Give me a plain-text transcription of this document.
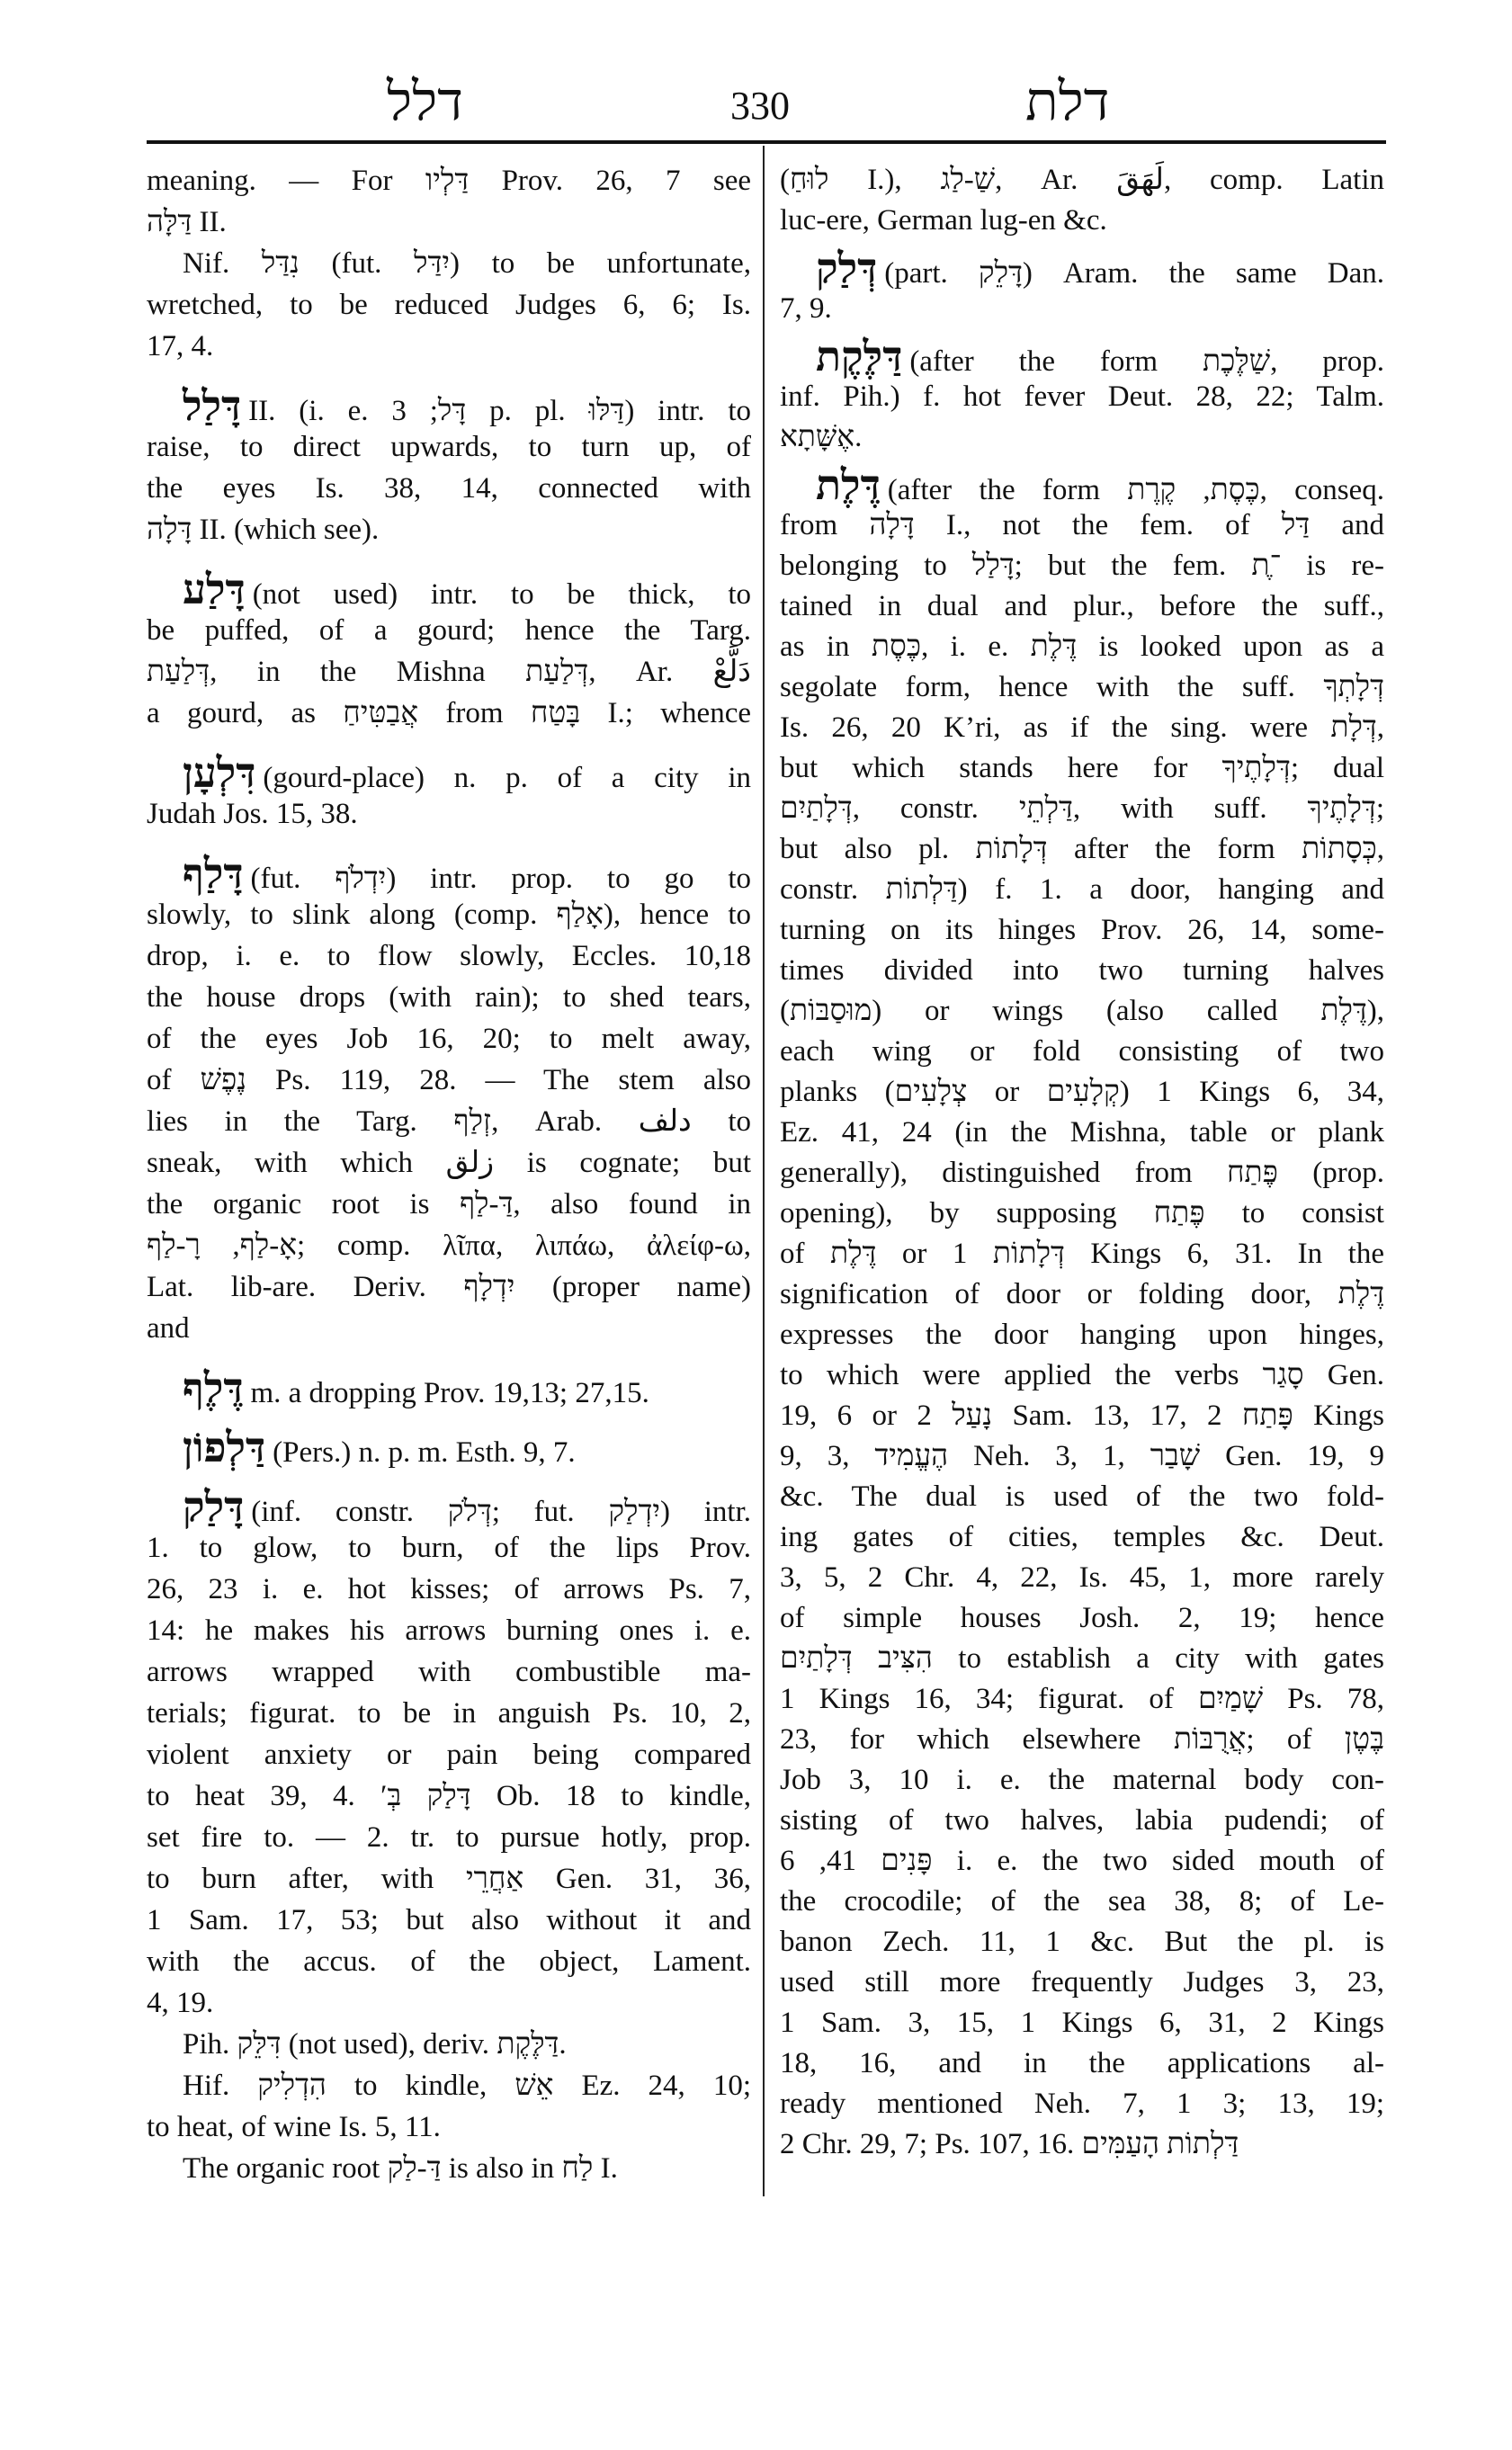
דלל	330	דלת
meaning. — For דַּלְיו Prov. 26, 7 see
דַּלָּה II.
Nif. נִדַּל (fut. יִדַּל) to be unfortunate,
wretched, to be reduced Judges 6, 6; Is.
17, 4.
דָּלַל II. (i. e. דָּל; 3 p. pl. דַּלּוּ) intr. to
raise, to direct upwards, to turn up, of
the eyes Is. 38, 14, connected with
דָּלָה II. (which see).
דָּלַע (not used) intr. to be thick, to
be puffed, of a gourd; hence the Targ.
דְּלַעַת, in the Mishna דְּלַעַת, Ar. دَلَّعْ
a gourd, as אֲבַטִּיחַ from בָּטַח I.; whence
דִּלְעָן (gourd-place) n. p. of a city in
Judah Jos. 15, 38.
דָּלַף (fut. יִדְלֹף) intr. prop. to go to
slowly, to slink along (comp. אָלַף), hence to
drop, i. e. to flow slowly, Eccles. 10,18
the house drops (with rain); to shed tears,
of the eyes Job 16, 20; to melt away,
of נֶפֶשׁ Ps. 119, 28. — The stem also
lies in the Targ. זְלַף, Arab. دلف to
sneak, with which زلق is cognate; but
the organic root is דַּ-לַף, also found in
אָ-לַף, רָ-לַף; comp. λῖπα, λιπάω, ἀλείφ-ω,
Lat. lib-are. Deriv. יִדְלָף (proper name)
and
דֶּלֶף m. a dropping Prov. 19,13; 27,15.
דַּלְפוֹן (Pers.) n. p. m. Esth. 9, 7.
דָּלַק (inf. constr. דְּלֹק; fut. יִדְלַק) intr.
1. to glow, to burn, of the lips Prov.
26, 23 i. e. hot kisses; of arrows Ps. 7,
14: he makes his arrows burning ones i. e.
arrows wrapped with combustible ma-
terials; figurat. to be in anguish Ps. 10, 2,
violent anxiety or pain being compared
to heat 39, 4. ′דָּלַק בְּ Ob. 18 to kindle,
set fire to. — 2. tr. to pursue hotly, prop.
to burn after, with אַחֲרֵי Gen. 31, 36,
1 Sam. 17, 53; but also without it and
with the accus. of the object, Lament.
4, 19.
Pih. דִּלֵּק (not used), deriv. דַּלֶּקֶת.
Hif. הִדְלִיק to kindle, אֵשׁ Ez. 24, 10;
to heat, of wine Is. 5, 11.
The organic root דַּ-לַק is also in לַח I.
(לוּחַ I.), שַׁ-לַג, Ar. لَهَقَ, comp. Latin
luc-ere, German lug-en &c.
דְּלַק (part. דָּלֵק) Aram. the same Dan.
7, 9.
דַּלֶּקֶת (after the form שַׁלֶּכֶת, prop.
inf. Pih.) f. hot fever Deut. 28, 22; Talm.
אֶשָּׁתָא.
דֶּלֶת (after the form כֶּסֶת, קֶרֶת, conseq.
from דָּלָה I., not the fem. of דַּל and
belonging to דָּלַל; but the fem. ־ֶת is re-
tained in dual and plur., before the suff.,
as in כֶּסֶת, i. e. דֶּלֶת is looked upon as a
segolate form, hence with the suff. דְּלָתְךָ
Is. 26, 20 K’ri, as if the sing. were דְּלָת,
but which stands here for דְּלָתֶיךָ; dual
דְּלָתַיִם, constr. דַּלְתֵי, with suff. דְּלָתֶיךָ;
but also pl. דְּלָתוֹת after the form כְּסָתוֹת,
constr. דַּלְתוֹת) f. 1. a door, hanging and
turning on its hinges Prov. 26, 14, some-
times divided into two turning halves
(מוּסַבּוֹת) or wings (also called דֶּלֶת),
each wing or fold consisting of two
planks (צְלָעִים or קְלָעִים) 1 Kings 6, 34,
Ez. 41, 24 (in the Mishna, table or plank
generally), distinguished from פֶּתַח (prop.
opening), by supposing פֶּתַח to consist
of דֶּלֶת or דְּלָתוֹת 1 Kings 6, 31. In the
signification of door or folding door, דֶּלֶת
expresses the door hanging upon hinges,
to which were applied the verbs סָגַר Gen.
19, 6 or נָעַל 2 Sam. 13, 17, פָּתַח 2 Kings
9, 3, הֶעֱמִיד Neh. 3, 1, שָׁבַר Gen. 19, 9
&c. The dual is used of the two fold-
ing gates of cities, temples &c. Deut.
3, 5, 2 Chr. 4, 22, Is. 45, 1, more rarely
of simple houses Josh. 2, 19; hence
הִצִּיב דְּלָתַיִם to establish a city with gates
1 Kings 16, 34; figurat. of שָׁמַיִם Ps. 78,
23, for which elsewhere אֲרֻבּוֹת; of בֶּטֶן
Job 3, 10 i. e. the maternal body con-
sisting of two halves, labia pudendi; of
פָּנִים 41, 6 i. e. the two sided mouth of
the crocodile; of the sea 38, 8; of Le-
banon Zech. 11, 1 &c. But the pl. is
used still more frequently Judges 3, 23,
1 Sam. 3, 15, 1 Kings 6, 31, 2 Kings
18, 16, and in the applications al-
ready mentioned Neh. 7, 1 3; 13, 19;
2 Chr. 29, 7; Ps. 107, 16. דַּלְתוֹת הָעַמִּים
